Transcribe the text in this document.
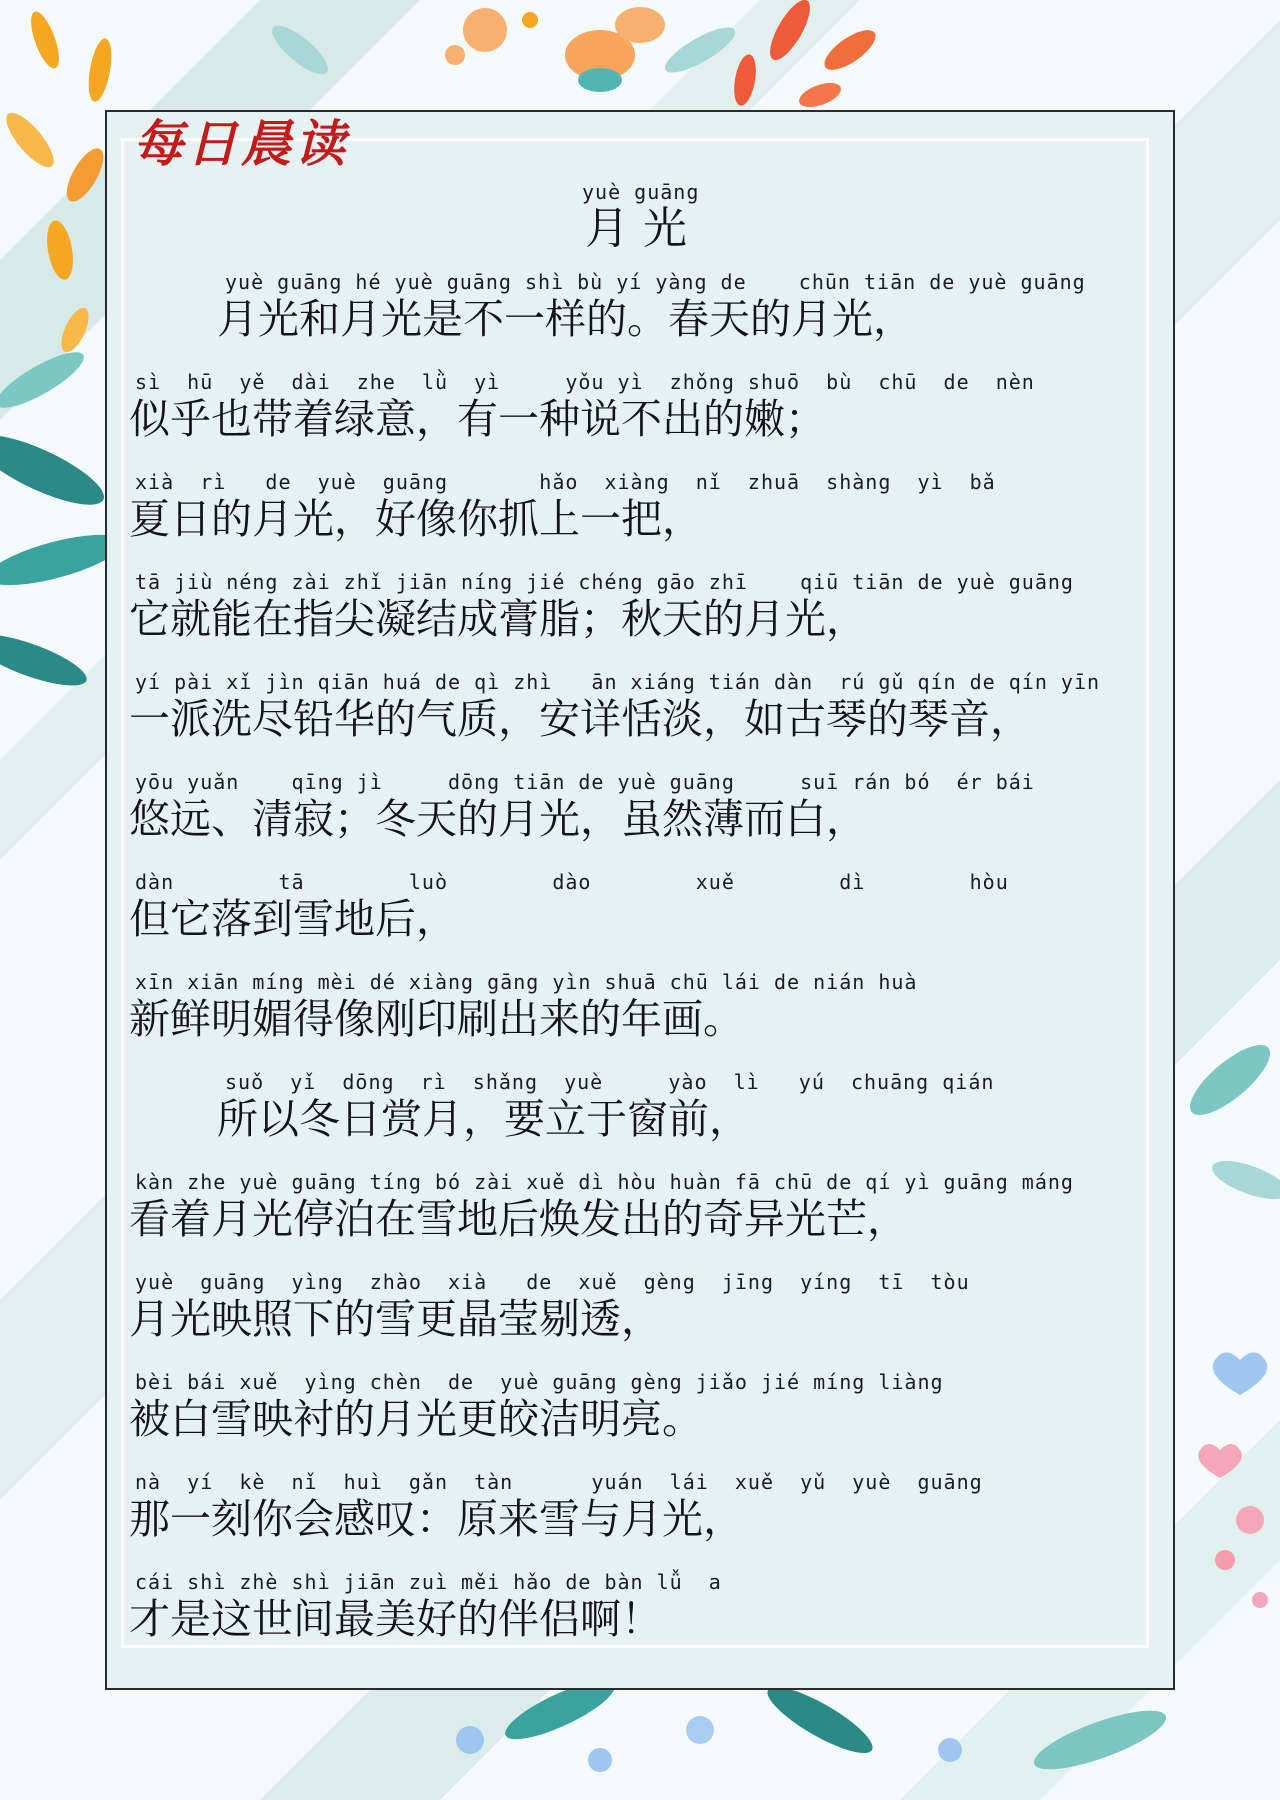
每日晨读
yuè guāng
月 光
yuè guāng hé yuè guāng shì bù yí yàng de    chūn tiān de yuè guāng
月光和月光是不一样的。春天的月光，
sì  hū  yě  dài  zhe  lǜ  yì     yǒu yì  zhǒng shuō  bù  chū  de  nèn
似乎也带着绿意，有一种说不出的嫩；
xià  rì   de  yuè  guāng       hǎo  xiàng  nǐ  zhuā  shàng  yì  bǎ
夏日的月光，好像你抓上一把，
tā jiù néng zài zhǐ jiān níng jié chéng gāo zhī    qiū tiān de yuè guāng
它就能在指尖凝结成膏脂；秋天的月光，
yí pài xǐ jìn qiān huá de qì zhì   ān xiáng tián dàn  rú gǔ qín de qín yīn
一派洗尽铅华的气质，安详恬淡，如古琴的琴音，
yōu yuǎn    qīng jì     dōng tiān de yuè guāng     suī rán bó  ér bái
悠远、清寂；冬天的月光，虽然薄而白，
dàn        tā        luò        dào        xuě        dì        hòu
但它落到雪地后，
xīn xiān míng mèi dé xiàng gāng yìn shuā chū lái de nián huà
新鲜明媚得像刚印刷出来的年画。
suǒ  yǐ  dōng  rì  shǎng  yuè     yào  lì   yú  chuāng qián
所以冬日赏月，要立于窗前，
kàn zhe yuè guāng tíng bó zài xuě dì hòu huàn fā chū de qí yì guāng máng
看着月光停泊在雪地后焕发出的奇异光芒，
yuè  guāng  yìng  zhào  xià   de  xuě  gèng  jīng  yíng  tī  tòu
月光映照下的雪更晶莹剔透，
bèi bái xuě  yìng chèn  de  yuè guāng gèng jiǎo jié míng liàng
被白雪映衬的月光更皎洁明亮。
nà  yí  kè  nǐ  huì  gǎn  tàn      yuán  lái  xuě  yǔ  yuè  guāng
那一刻你会感叹：原来雪与月光，
cái shì zhè shì jiān zuì měi hǎo de bàn lǚ  a
才是这世间最美好的伴侣啊！
